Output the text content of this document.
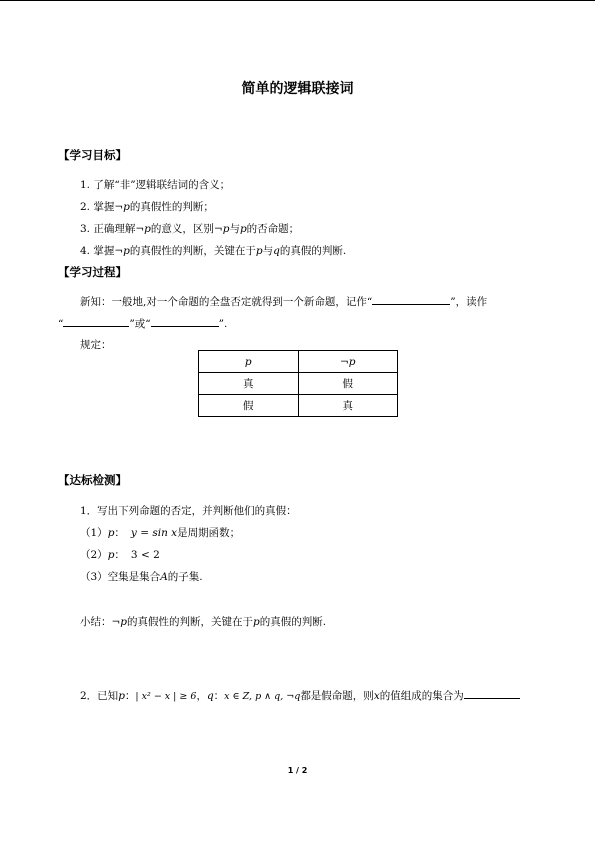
简单的逻辑联接词
【学习目标】
1. 了解“非”逻辑联结词的含义；
2. 掌握¬p的真假性的判断；
3. 正确理解¬p的意义，区别¬p与p的否命题；
4. 掌握¬p的真假性的判断，关键在于p与q的真假的判断.
【学习过程】
新知：一般地,对一个命题的全盘否定就得到一个新命题，记作“	”，读作
“	”或“	”.
规定：
p	¬p
真	假
假	真
【达标检测】
1．写出下列命题的否定，并判断他们的真假：
（1）p： y = sin x是周期函数；
（2）p： 3 < 2
（3）空集是集合A的子集.
小结：¬p的真假性的判断，关键在于p的真假的判断.
2．已知p：| x² − x | ≥ 6，q：x ∈ Z, p ∧ q, ¬q都是假命题，则x的值组成的集合为
1 / 2
